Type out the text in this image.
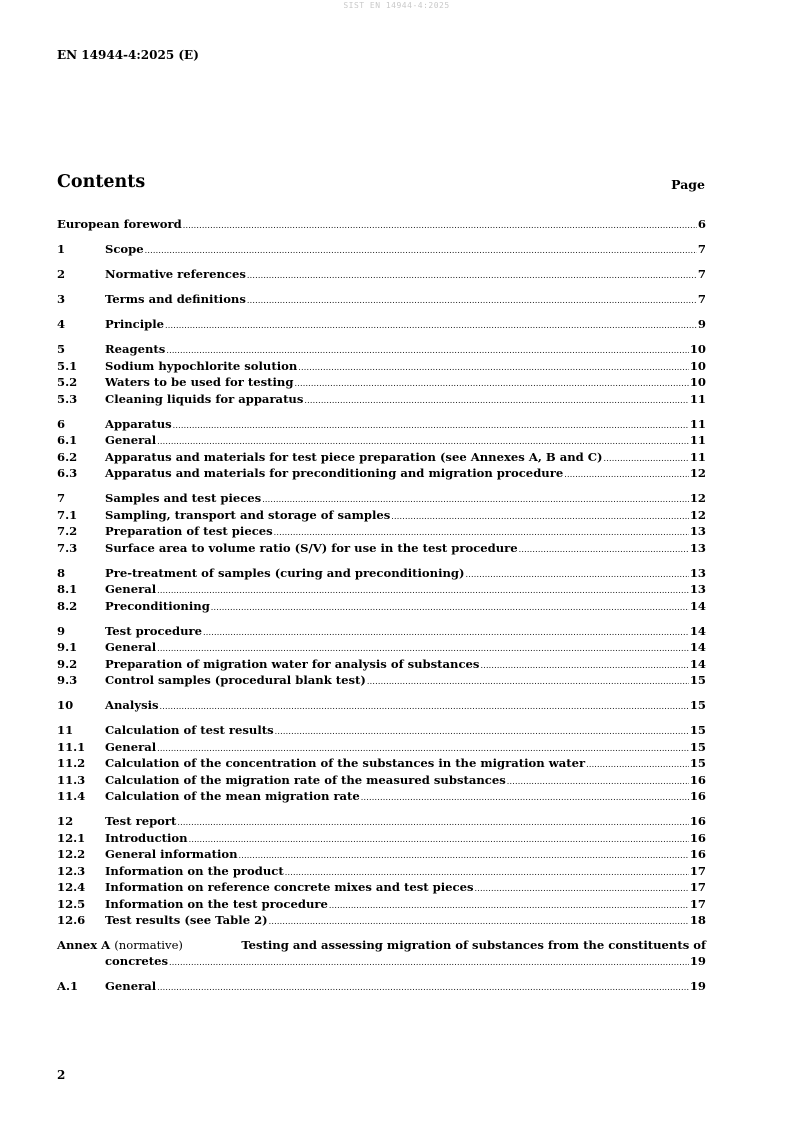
SIST EN 14944-4:2025
EN 14944-4:2025 (E)
Contents	Page
European foreword .....	6
1	Scope .....	7
2	Normative references .....	7
3	Terms and definitions .....	7
4	Principle .....	9
5	Reagents .....	10
5.1	Sodium hypochlorite solution .....	10
5.2	Waters to be used for testing .....	10
5.3	Cleaning liquids for apparatus .....	11
6	Apparatus .....	11
6.1	General .....	11
6.2	Apparatus and materials for test piece preparation (see Annexes A, B and C) .....	11
6.3	Apparatus and materials for preconditioning and migration procedure .....	12
7	Samples and test pieces .....	12
7.1	Sampling, transport and storage of samples .....	12
7.2	Preparation of test pieces .....	13
7.3	Surface area to volume ratio (S/V) for use in the test procedure .....	13
8	Pre-treatment of samples (curing and preconditioning) .....	13
8.1	General .....	13
8.2	Preconditioning .....	14
9	Test procedure .....	14
9.1	General .....	14
9.2	Preparation of migration water for analysis of substances .....	14
9.3	Control samples (procedural blank test) .....	15
10	Analysis .....	15
11	Calculation of test results .....	15
11.1	General .....	15
11.2	Calculation of the concentration of the substances in the migration water .....	15
11.3	Calculation of the migration rate of the measured substances .....	16
11.4	Calculation of the mean migration rate .....	16
12	Test report .....	16
12.1	Introduction .....	16
12.2	General information .....	16
12.3	Information on the product .....	17
12.4	Information on reference concrete mixes and test pieces .....	17
12.5	Information on the test procedure .....	17
12.6	Test results (see Table 2) .....	18
Annex A (normative)	Testing and assessing migration of substances from the constituents of
concretes .....	19
A.1	General .....	19
2
